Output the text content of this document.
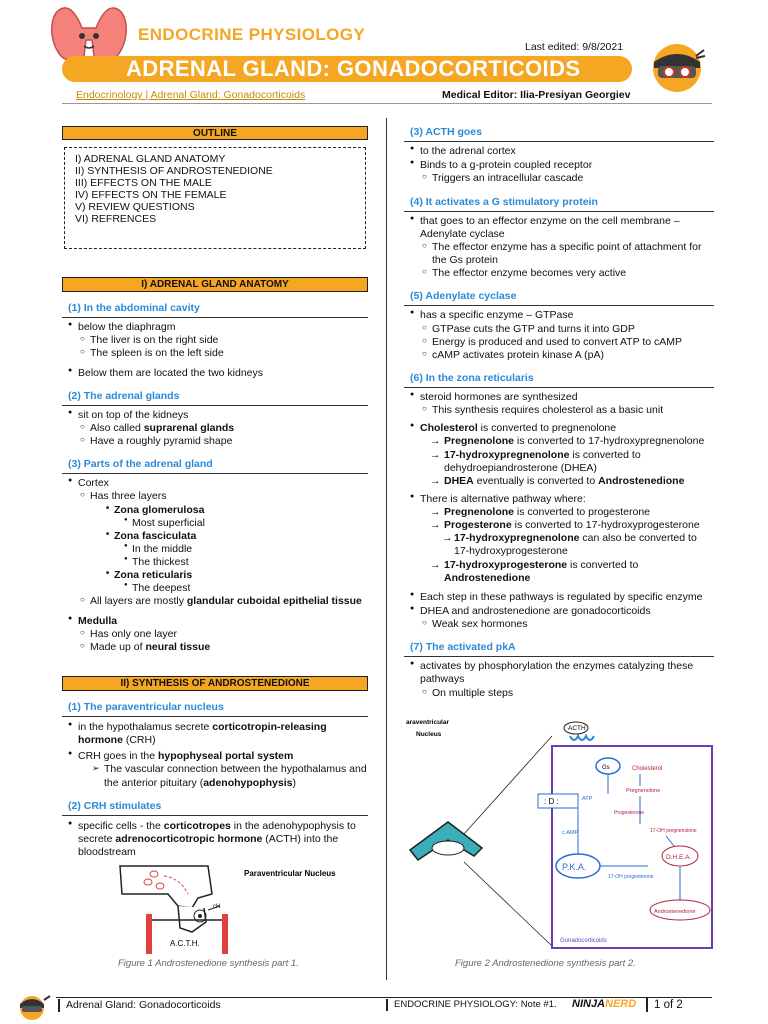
ENDOCRINE PHYSIOLOGY
Last edited: 9/8/2021
ADRENAL GLAND: GONADOCORTICOIDS
Endocrinology | Adrenal Gland: Gonadocorticoids	Medical Editor: Ilia-Presiyan Georgiev
OUTLINE
I) ADRENAL GLAND ANATOMY
II) SYNTHESIS OF ANDROSTENEDIONE
III) EFFECTS ON THE MALE
IV) EFFECTS ON THE FEMALE
V) REVIEW QUESTIONS
VI) REFRENCES
I) ADRENAL GLAND ANATOMY
(1) In the abdominal cavity
● below the diaphragm
○ The liver is on the right side
○ The spleen is on the left side
● Below them are located the two kidneys
(2) The adrenal glands
● sit on top of the kidneys
○ Also called suprarenal glands
○ Have a roughly pyramid shape
(3) Parts of the adrenal gland
● Cortex
○ Has three layers
■ Zona glomerulosa
● Most superficial
■ Zona fasciculata
● In the middle
● The thickest
■ Zona reticularis
● The deepest
○ All layers are mostly glandular cuboidal epithelial tissue
● Medulla
○ Has only one layer
○ Made up of neural tissue
II) SYNTHESIS OF ANDROSTENEDIONE
(1) The paraventricular nucleus
● in the hypothalamus secrete corticotropin-releasing hormone (CRH)
● CRH goes in the hypophyseal portal system
➢ The vascular connection between the hypothalamus and the anterior pituitary (adenohypophysis)
(2) CRH stimulates
● specific cells - the corticotropes in the adenohypophysis to secrete adrenocorticotropic hormone (ACTH) into the bloodstream
cH
Paraventricular Nucleus
A.C.T.H.
Figure 1 Androstenedione synthesis part 1.
(3) ACTH goes
● to the adrenal cortex
● Binds to a g-protein coupled receptor
○ Triggers an intracellular cascade
(4) It activates a G stimulatory protein
● that goes to an effector enzyme on the cell membrane – Adenylate cyclase
○ The effector enzyme has a specific point of attachment for the Gs protein
○ The effector enzyme becomes very active
(5) Adenylate cyclase
● has a specific enzyme – GTPase
○ GTPase cuts the GTP and turns it into GDP
○ Energy is produced and used to convert ATP to cAMP
○ cAMP activates protein kinase A (pA)
(6) In the zona reticularis
● steroid hormones are synthesized
○ This synthesis requires cholesterol as a basic unit
● Cholesterol is converted to pregnenolone
→ Pregnenolone is converted to 17-hydroxypregnenolone
→ 17-hydroxypregnenolone is converted to dehydroepiandrosterone (DHEA)
→ DHEA eventually is converted to Androstenedione
● There is alternative pathway where:
→ Pregnenolone is converted to progesterone
→ Progesterone is converted to 17-hydroxyprogesterone
→ 17-hydroxypregnenolone can also be converted to 17-hydroxyprogesterone
→ 17-hydroxyprogesterone is converted to Androstenedione
● Each step in these pathways is regulated by specific enzyme
● DHEA and androstenedione are gonadocorticoids
○ Weak sex hormones
(7) The activated pkA
● activates by phosphorylation the enzymes catalyzing these pathways
○ On multiple steps
araventricular
Nucleus
ACTH
Gs
: D :	ATP
c.AMP
P.K.A.
Cholesterol
Pregnenolone
Progesterone
17-OH pregnenolone
D.H.E.A.
17-OH progesterone
Androstenedione
Gonadocorticoids
Figure 2 Androstenedione synthesis part 2.
Adrenal Gland: Gonadocorticoids	ENDOCRINE PHYSIOLOGY: Note #1. NINJANERD	1 of 2
